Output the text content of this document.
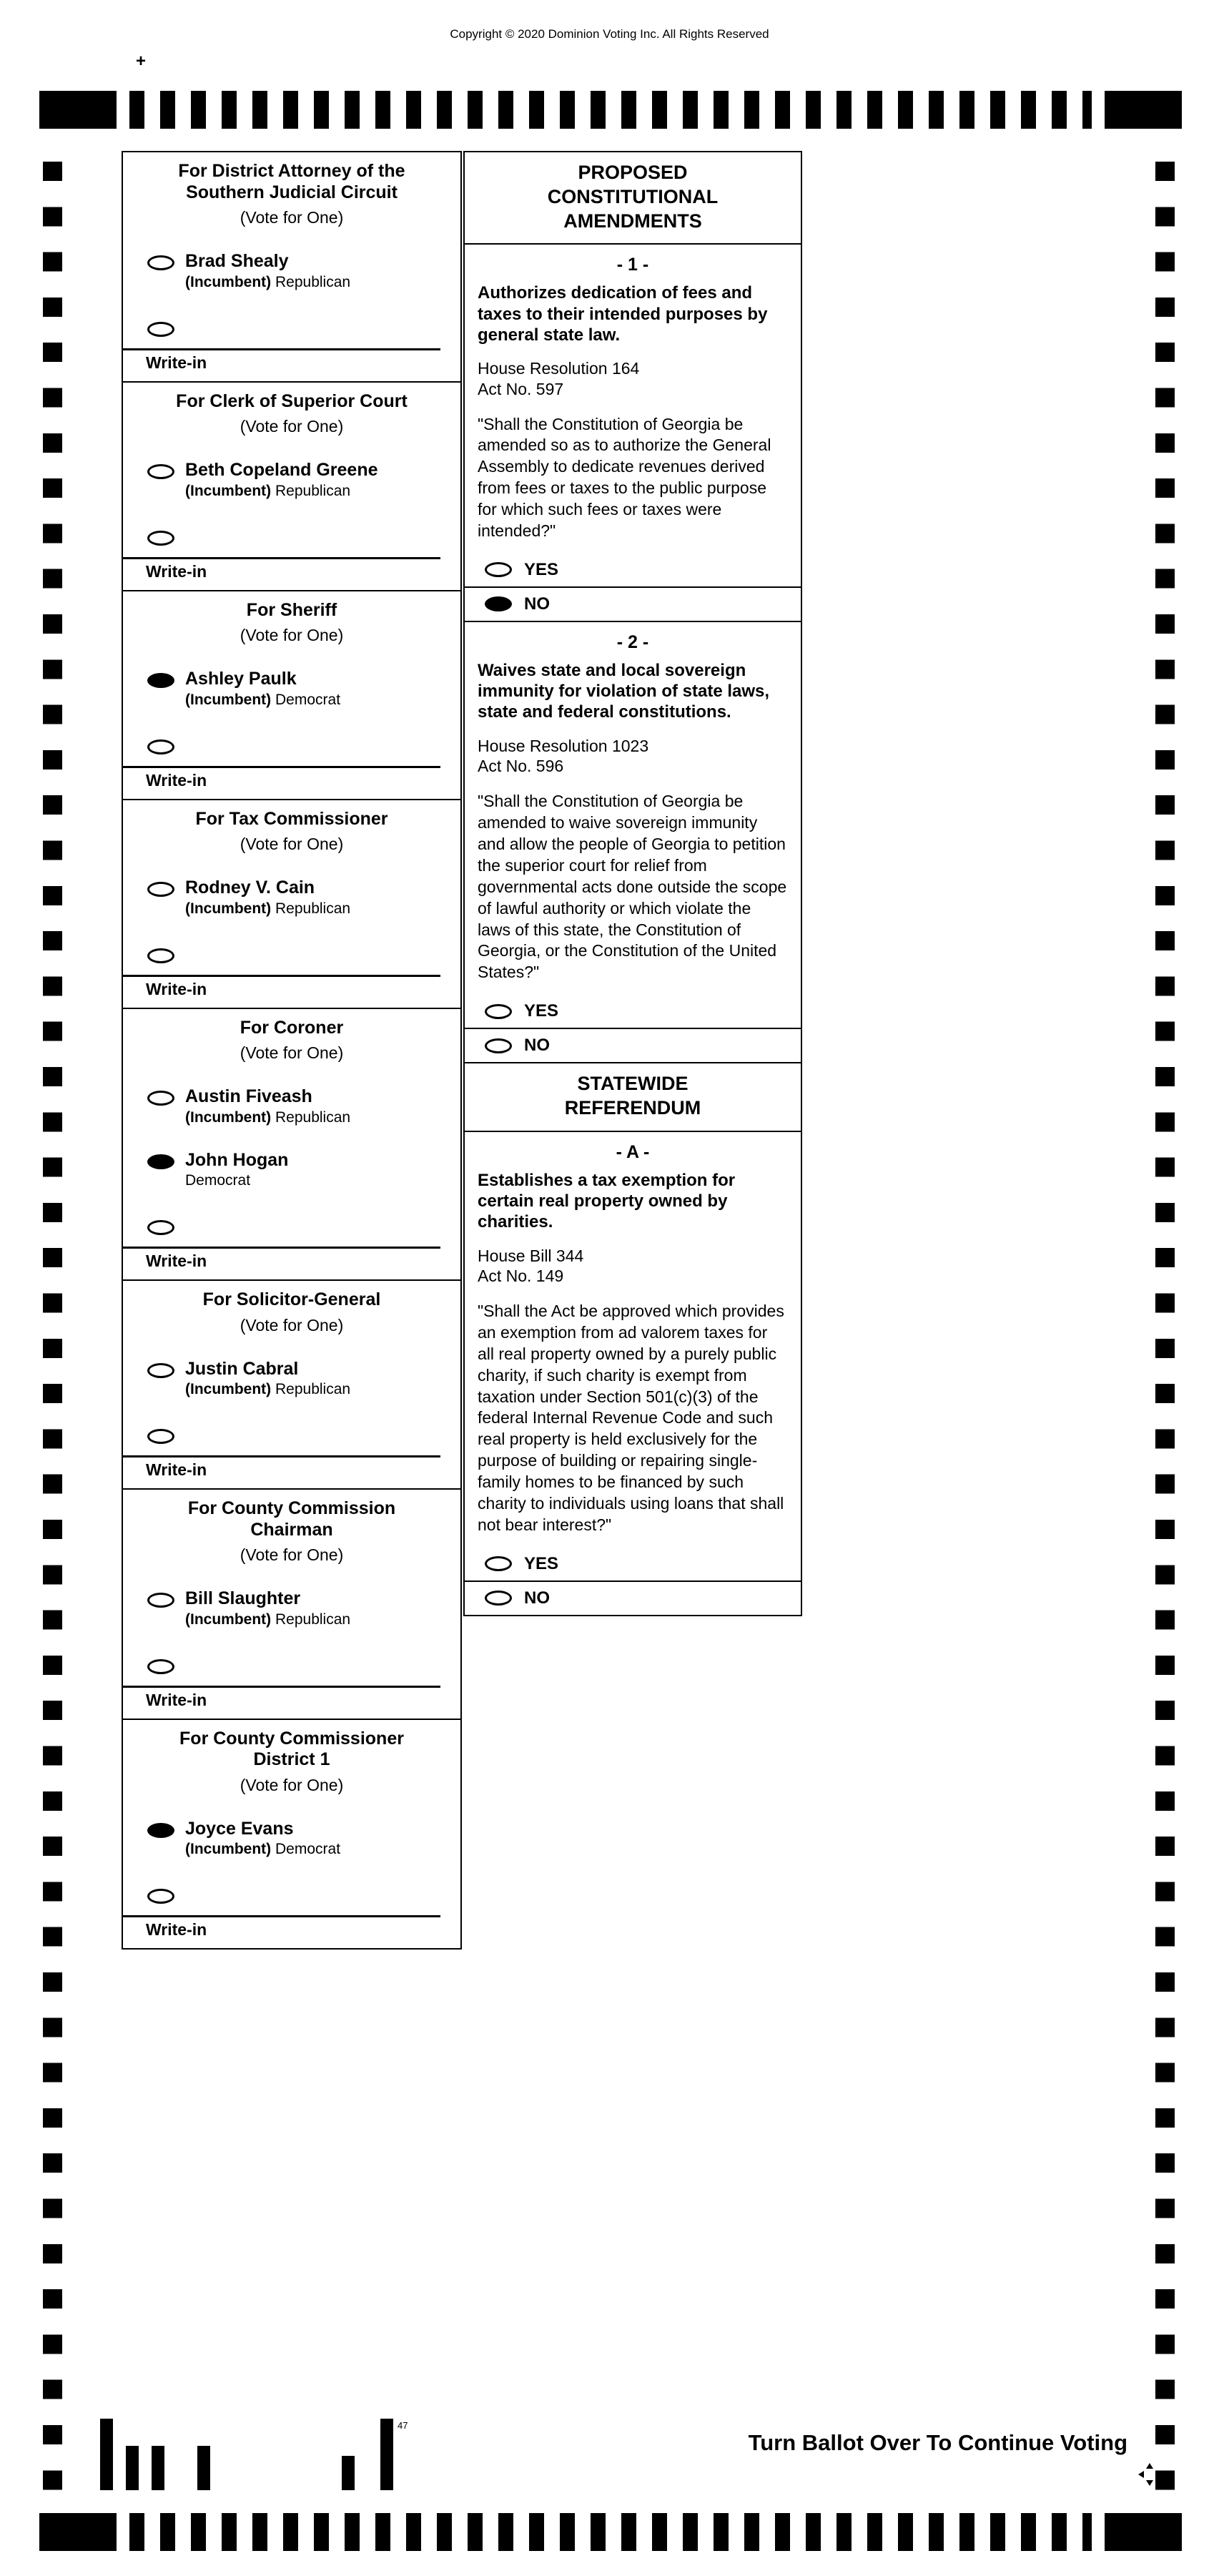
Copyright © 2020 Dominion Voting Inc. All Rights Reserved
+
For District Attorney of the
Southern Judicial Circuit
(Vote for One)
Brad Shealy
(Incumbent) Republican
Write-in
For Clerk of Superior Court
(Vote for One)
Beth Copeland Greene
(Incumbent) Republican
Write-in
For Sheriff
(Vote for One)
Ashley Paulk
(Incumbent) Democrat
Write-in
For Tax Commissioner
(Vote for One)
Rodney V. Cain
(Incumbent) Republican
Write-in
For Coroner
(Vote for One)
Austin Fiveash
(Incumbent) Republican
John Hogan
Democrat
Write-in
For Solicitor-General
(Vote for One)
Justin Cabral
(Incumbent) Republican
Write-in
For County Commission
Chairman
(Vote for One)
Bill Slaughter
(Incumbent) Republican
Write-in
For County Commissioner
District 1
(Vote for One)
Joyce Evans
(Incumbent) Democrat
Write-in
PROPOSED
CONSTITUTIONAL
AMENDMENTS
- 1 -
Authorizes dedication of fees and taxes to their intended purposes by general state law.
House Resolution 164
Act No. 597
"Shall the Constitution of Georgia be amended so as to authorize the General Assembly to dedicate revenues derived from fees or taxes to the public purpose for which such fees or taxes were intended?"
YES
NO
- 2 -
Waives state and local sovereign immunity for violation of state laws, state and federal constitutions.
House Resolution 1023
Act No. 596
"Shall the Constitution of Georgia be amended to waive sovereign immunity and allow the people of Georgia to petition the superior court for relief from governmental acts done outside the scope of lawful authority or which violate the laws of this state, the Constitution of Georgia, or the Constitution of the United States?"
YES
NO
STATEWIDE
REFERENDUM
- A -
Establishes a tax exemption for certain real property owned by charities.
House Bill 344
Act No. 149
"Shall the Act be approved which provides an exemption from ad valorem taxes for all real property owned by a purely public charity, if such charity is exempt from taxation under Section 501(c)(3) of the federal Internal Revenue Code and such real property is held exclusively for the purpose of building or repairing single-family homes to be financed by such charity to individuals using loans that shall not bear interest?"
YES
NO
47
Turn Ballot Over To Continue Voting
